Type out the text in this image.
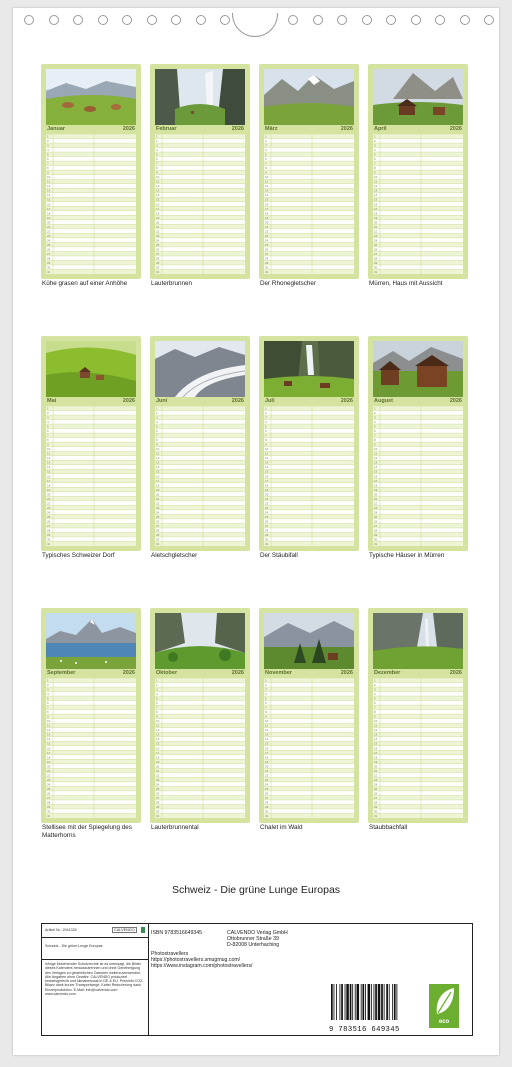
Januar	2026
1
2
3
4
5
6
7
8
9
10
11
12
13
14
15
16
17
18
19
20
21
22
23
24
25
26
27
28
29
30
31
Kühe grasen auf einer Anhöhe
Februar	2026
1
2
3
4
5
6
7
8
9
10
11
12
13
14
15
16
17
18
19
20
21
22
23
24
25
26
27
28
29
30
31
Lauterbrunnen
März	2026
1
2
3
4
5
6
7
8
9
10
11
12
13
14
15
16
17
18
19
20
21
22
23
24
25
26
27
28
29
30
31
Der Rhonegletscher
April	2026
1
2
3
4
5
6
7
8
9
10
11
12
13
14
15
16
17
18
19
20
21
22
23
24
25
26
27
28
29
30
31
Mürren, Haus mit Aussicht
Mai	2026
1
2
3
4
5
6
7
8
9
10
11
12
13
14
15
16
17
18
19
20
21
22
23
24
25
26
27
28
29
30
31
Typisches Schweizer Dorf
Juni	2026
1
2
3
4
5
6
7
8
9
10
11
12
13
14
15
16
17
18
19
20
21
22
23
24
25
26
27
28
29
30
31
Aletschgletscher
Juli	2026
1
2
3
4
5
6
7
8
9
10
11
12
13
14
15
16
17
18
19
20
21
22
23
24
25
26
27
28
29
30
31
Der Stäubifall
August	2026
1
2
3
4
5
6
7
8
9
10
11
12
13
14
15
16
17
18
19
20
21
22
23
24
25
26
27
28
29
30
31
Typische Häuser in Mürren
September	2026
1
2
3
4
5
6
7
8
9
10
11
12
13
14
15
16
17
18
19
20
21
22
23
24
25
26
27
28
29
30
31
Stellisee mit der Spiegelung des Matterhorns
Oktober	2026
1
2
3
4
5
6
7
8
9
10
11
12
13
14
15
16
17
18
19
20
21
22
23
24
25
26
27
28
29
30
31
Lauterbrunnental
November	2026
1
2
3
4
5
6
7
8
9
10
11
12
13
14
15
16
17
18
19
20
21
22
23
24
25
26
27
28
29
30
31
Chalet im Wald
Dezember	2026
1
2
3
4
5
6
7
8
9
10
11
12
13
14
15
16
17
18
19
20
21
22
23
24
25
26
27
28
29
30
31
Staubbachfall
Schweiz - Die grüne Lunge Europas
Artikel Nr.: 2041326	CALVENDO
Schweiz - Die grüne Lunge Europas
Infolge bestehender Schutzrechte ist es untersagt, die Bilder dieses Kalenders herauszutrennen und ohne Genehmigung des Verlages zu gewerblichen Zwecken weiterzuverwenden. Alle Angaben ohne Gewähr. CALVENDO produziert bedarfsgerecht und klimabewusst in DE & EU. Preisinfo CO2-Bilanz dank kurzer Transportwege. Kartei Reduzierung dank Einzelproduktion. E-Mail: info@calvendo.com · www.calvendo.com
ISBN 9783516649345	CALVENDO Verlag GmbH
Ottobrunner Straße 39
D-82008 Unterhaching
Photostravellers
https://photostravellers.smugmug.com/
https://www.instagram.com/photostravellers/
9 783516 649345
eco
